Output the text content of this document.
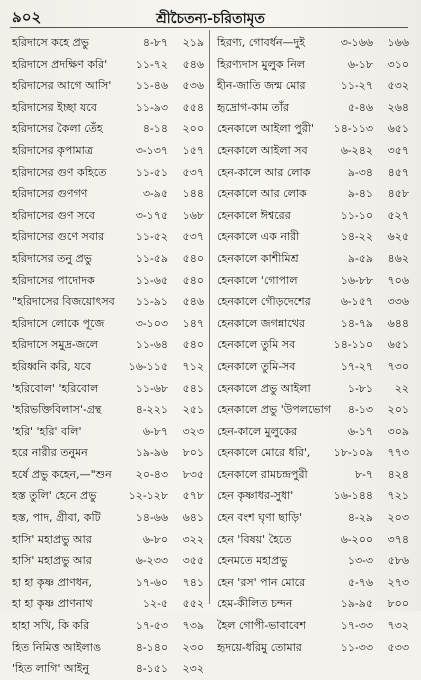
৯০২	শ্রীচৈতন্য-চরিতামৃত
হরিদাসে কহে প্রভু	৪-৮৭	২১৯
হরিদাসে প্রদক্ষিণ করি'	১১-৭২	৫৪৬
হরিদাসের আগে আসি' ১১-৪৬	৫৩৬
হরিদাসের ইচ্ছা যবে	১১-৯৩	৫৫৪
হরিদাসের কৈলা তেঁহ	৪-১৪	২০০
হরিদাসের কৃপামাত্র	৩-১৩৭	১৫৭
হরিদাসের গুণ কহিতে	১১-৫১	৫৩৭
হরিদাসের গুণগণ	৩-৯৫	১৪৪
হরিদাসের গুণ সবে	৩-১৭৫	১৬৮
হরিদাসের গুণে সবার	১১-৫২	৫৩৭
হরিদাসের তনু প্রভু	১১-৫৯	৫৪০
হরিদাসের পাদোদক	১১-৬৫	৫৪০
"হরিদাসের বিজয়োৎসব ১১-৯১	৫৪৬
হরিদাসে লোকে পূজে	৩-১০৩	১৪৭
হরিদাসে সমুদ্র-জলে	১১-৬৪	৫৪০
হরিধ্বনি করি, যবে	১৬-১১৫	৭১২
'হরিবোল' 'হরিবোল	১১-৬৮	৫৪১
'হরিভক্তিবিলাস'-গ্রন্থ	৪-২২১	২৫১
'হরি' 'হরি' বলি'	৬-৮৭	৩২৩
হরে নারীর তনুমন	১৯-৯৬	৮০১
হর্ষে প্রভু কহেন,—"শুন ২০-৪৩	৮৩৫
হস্ত তুলি' হেনে প্রভু	১২-১২৮	৫৭৮
হস্ত, পাদ, গ্রীবা, কটি	১৪-৬৬	৬৪১
হাসি' মহাপ্রভু আর	৬-৮০	৩২২
হাসি' মহাপ্রভু আর	৬-২৩৩	৩৫৫
হা হা কৃষ্ণ প্রাণধন,	১৭-৬০	৭৪১
হা হা কৃষ্ণ প্রাণনাথ	১২-৫	৫৫২
হাহা সখি, কি করি	১৭-৫৩	৭৩৯
হিত নিমিত্ত আইলাঙ	৪-১৪০	২৩০
'হিত লাগি' আইনু	৪-১৫১	২৩২
হিরণ্য, গোবর্ধন—দুই	৩-১৬৬	১৬৬
হিরণ্যদাস মুলুক নিল	৬-১৮	৩১০
হীন-জাতি জন্ম মোর	১১-২৭	৫৩২
হৃদ্রোগ-কাম তাঁর	৫-৪৬	২৬৪
হেনকালে আইলা পুরী' ১৪-১১৩	৬৫১
হেনকালে আইলা সব	৬-২৪২	৩৫৭
হেন-কালে আর লোক	৯-৩৪	৪৫৭
হেনকালে আর লোক	৯-৪১	৪৫৮
হেনকালে ঈশ্বরের	১১-১০	৫২৭
হেনকালে এক নারী	১৪-২২	৬২৫
হেনকালে কাশীমিশ্র	৯-৫৯	৪৬২
হেনকালে 'গোপাল	১৬-৮৮	৭০৬
হেনকালে গৌড়দেশের	৬-১৫৭	৩৩৬
হেনকালে জগন্নাথের	১৪-৭৯	৬৪৪
হেনকালে তুমি সব	১৪-১১০	৬৫১
হেনকালে তুমি-সব	১৭-২৭	৭৩০
হেনকালে প্রভু আইলা	১-৮১	২২
হেনকালে প্রভু 'উপলভোগ ৪-১৩	২০১
হেন-কালে মুলুকের	৬-১৭	৩০৯
হেনকালে মোরে ধরি', ১৮-১০৯	৭৭৩
হেনকালে রামচন্দ্রপুরী	৮-৭	৪২৪
হেন কৃষ্ণাধর-সুধা'	১৬-১৪৪	৭২১
হেন বংশ ঘৃণা ছাড়ি'	৪-২৯	২০৩
হেন 'বিষয়' হৈতে	৬-২০০	৩৭৪
হেনমতে মহাপ্রভু	১৩-৩	৫৮৬
হেন 'রস' পান মোরে	৫-৭৬	২৭৩
হেম-কীলিত চন্দন	১৯-৯৫	৮০০
হৈল গোপী-ভাবাবেশ	১৭-৩৩	৭৩২
হৃদয়ে-ধরিমু তোমার	১১-৩৩	৫৩৩
